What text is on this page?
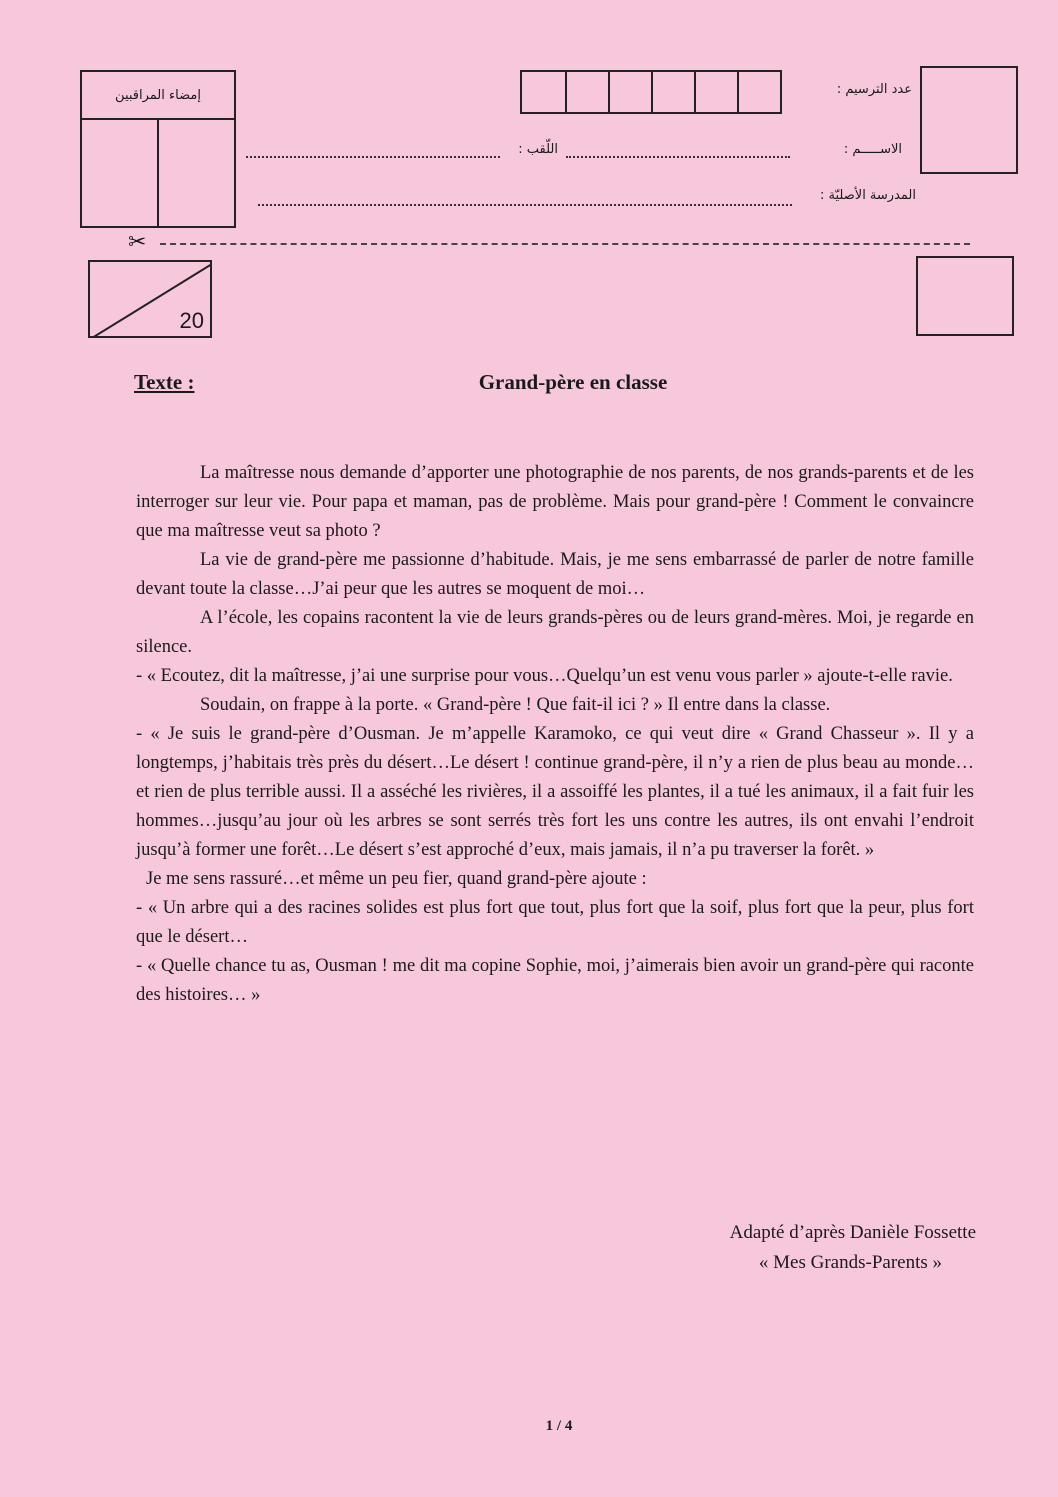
إمضاء المراقبين	عدد الترسيم :
اللّقب :	الاســـــم :
المدرسة الأصليّة :
✂
20
Texte :	Grand-père en classe

La maîtresse nous demande d’apporter une photographie de nos parents, de nos grands-parents et de les interroger sur leur vie. Pour papa et maman, pas de problème. Mais pour grand-père ! Comment le convaincre que ma maîtresse veut sa photo ?

La vie de grand-père me passionne d’habitude. Mais, je me sens embarrassé de parler de notre famille devant toute la classe…J’ai peur que les autres se moquent de moi…

A l’école, les copains racontent la vie de leurs grands-pères ou de leurs grand-mères. Moi, je regarde en silence.

- « Ecoutez, dit la maîtresse, j’ai une surprise pour vous…Quelqu’un est venu vous parler » ajoute-t-elle ravie.

Soudain, on frappe à la porte. « Grand-père ! Que fait-il ici ? » Il entre dans la classe.

- « Je suis le grand-père d’Ousman. Je m’appelle Karamoko, ce qui veut dire « Grand Chasseur ». Il y a longtemps, j’habitais très près du désert…Le désert ! continue grand-père, il n’y a rien de plus beau au monde…et rien de plus terrible aussi. Il a asséché les rivières, il a assoiffé les plantes, il a tué les animaux, il a fait fuir les hommes…jusqu’au jour où les arbres se sont serrés très fort les uns contre les autres, ils ont envahi l’endroit jusqu’à former une forêt…Le désert s’est approché d’eux, mais jamais, il n’a pu traverser la forêt. »

Je me sens rassuré…et même un peu fier, quand grand-père ajoute :

- « Un arbre qui a des racines solides est plus fort que tout, plus fort que la soif, plus fort que la peur, plus fort que le désert…

- « Quelle chance tu as, Ousman ! me dit ma copine Sophie, moi, j’aimerais bien avoir un grand-père qui raconte des histoires… »

Adapté d’après Danièle Fossette
« Mes Grands-Parents »
1 / 4
